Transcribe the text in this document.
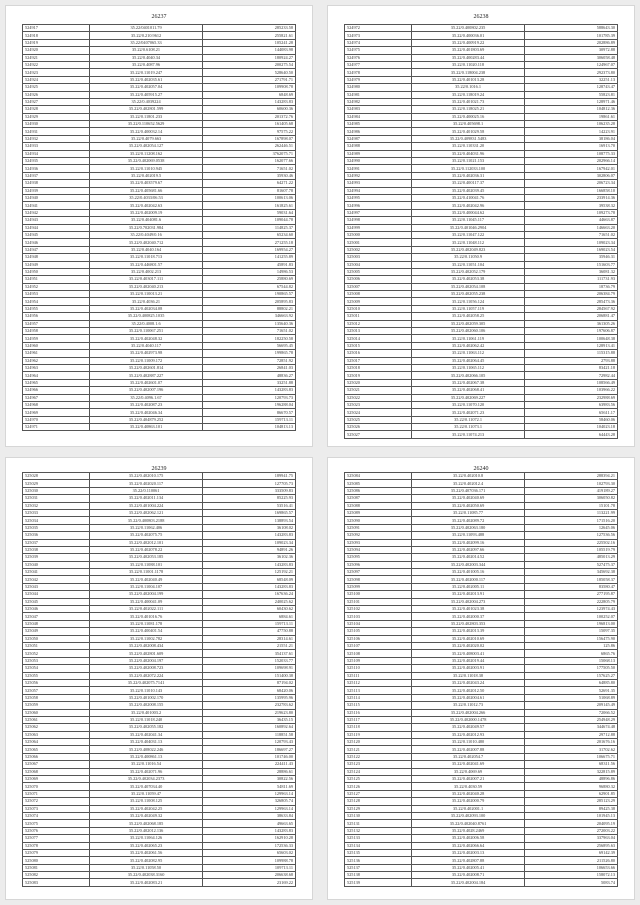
26237
524917	35.22/0401011.79	285233.58
524918	35.22/0.210.9612	255821.61
524919	35.22/0407065.33	105241.28
524920	35.22/0.6108.21	144083.98
524921	35.22/0.4040.34	180924.27
524922	35.22/0.4087.96	200275.54
524923	35.22/0.11019.247	528640.50
524924	35.22/0.402035.61	271791.71
524925	35.22/0.402057.04	109908.78
524926	35.22/0.405915.27	6848.69
524927	35.22/0.4039224	143283.83
524928	35.22/0.402801.599	60600.36
524929	35.22/0.11801.233	201372.76
524930	35.22/0.110652.5629	161405.68
524931	35.22/0.400032.14	97575.22
524932	35.22/0.4079.663	167898.07
524933	35.22/0.402054.127	262446.51
524934	35.22/0.11208.162	3762075.71
524935	35.22/0.402069.0538	162077.66
524936	35.22/0.11010.945	71651.02
524937	35.22/0.402019.5	35930.46
524938	35.22/0.403579.67	64271.22
524939	35.22/0.405681.66	81607.78
524940	35.22/0.4033/06.53	100613.06
524941	35.22/0.402042.63	161825.61
524942	35.22/0.402009.19	59031.64
524943	35.22/0.404081.6	109044.78
524944	35.22/0.702031.984	114825.37
524945	35.22/0.4049/0.16	65234.60
524946	35.22/0.402040.712	271255.18
524947	35.22/0.4040.164	169954.27
524948	35.22/0.11018.713	141255.89
524949	35.22/0.446801.57	45891.83
524950	35.22/0.4002.213	14986.53
524951	35.22/0.403017.111	25880.69
524952	35.22/0.402040.213	67544.82
524953	35.22/0.110013.21	190865.57
524954	35.22/0.4036.21	205895.83
524955	35.22/0.402034.08	88802.21
524956	35.22/0.400825.1035	346663.92
524957	35.22/0.4008.1.6	135640.36
524958	35.22/0.110067.251	71651.02
524959	35.22/0.402048.32	182250.58
524960	35.22/0.4040.117	56695.45
524961	35.22/0.402973.98	199865.78
524962	35.22/0.11009.172	72851.92
524963	35.22/0.402601.814	26841.03
524964	35.22/0.402887.227	48836.27
524965	35.22/0.402601.07	33251.88
524966	35.22/0.402007.196	143283.83
524967	35.22/0.4096.1.67	120793.73
524968	35.22/0.402087.23	196288.04
524969	35.22/0.402046.34	86670.57
524970	35.22/0.404879.252	159713.11
524971	35.22/0.40863.101	104813.13
26238
524972	35.22/0.400802.235	588643.30
524973	35.22/0.400036.01	101785.39
524974	35.22/0.400919.22	202886.89
524975	35.22/0.401803.69	30972.88
524976	35.22/0.400283.44	306058.48
524977	35.22/0.11020.118	124967.07
524978	35.22/0.118004.238	292373.80
524979	35.22/0.401013.28	32251.13
524980	35.22/0.1016.1	128743.47
524981	35.22/0.118019.24	55823.81
524982	35.22/0.401021.73	128971.46
524983	35.22/0.118025.21	104812.36
524984	35.22/0.400025.16	19861.61
524985	35.22/0.405698.1	106235.28
524986	35.22/0.401029.58	14223.91
524987	35.22/0.409831.5483	38186.04
524988	35.22/0.110331.20	16913.70
524989	35.22/0.404031.96	108775.33
524990	35.22/0.11021.153	202966.14
524991	35.22/0.112033.100	167942.01
524992	35.22/0.402036.31	302806.07
524993	35.22/0.400117.37	206723.34
524994	35.22/0.402039.45	166858.10
524995	35.22/0.410041.76	233914.36
524996	35.22/0.402042.96	39538.32
524997	35.22/0.400044.62	109273.78
524998	35.22/0.11045.117	44663.87
524999	35.22/0.401046.2904	146663.20
525000	35.22/0.11047.122	71651.02
525001	35.22/0.11048.112	109023.34
525002	35.22/0.402049.823	169023.54
525003	35.22/0.11050.9	35946.31
525004	35.22/0.11051.104	151603.77
525005	35.22/0.402052.179	36081.32
525006	35.22/0.402053.38	111731.93
525007	35.22/0.402054.108	18736.79
525008	35.22/0.402055.238	206384.79
525009	35.22/0.11056.124	285473.36
525010	35.22/0.11057.119	284567.92
525011	35.22/0.402058.25	206881.47
525012	35.22/0.402059.305	361305.26
525013	35.22/0.402060.106	197606.87
525014	35.22/0.11061.119	100648.38
525015	35.22/0.402062.42	128913.41
525016	35.22/0.11063.112	115315.88
525017	35.22/0.402064.45	2793.88
525018	35.22/0.11065.112	83421.18
525019	35.22/0.402066.105	72982.44
525020	35.22/0.402067.38	108566.49
525021	35.22/0.402068.41	103966.22
525022	35.22/0.402069.227	232988.69
525023	35.22/0.11070.120	63983.56
525024	35.22/0.402071.23	65611.17
525025	35.22/0.11072.1	58460.06
525026	35.22/0.11073.1	104023.18
525027	35.22/0.11074.213	64443.28
26239
525028	35.22/0.402010.175	189941.75
525029	35.22/0.402020.117	127705.73
525030	35.22/0.110061	333509.83
525031	35.22/0.402011.134	85225.93
525032	35.22/0.401004.224	53516.41
525033	35.22/0.402062.121	169865.57
525034	35.22/0.400803.2188	138893.54
525035	35.22/0.11062.406	36108.02
525036	35.22/0.402075.75	143283.83
525037	35.22/0.402012.101	109023.34
525038	35.22/0.402078.22	94891.26
525039	35.22/0.402053.185	36102.36
525040	35.22/0.11088.101	143283.83
525041	35.22/0.11001.1178	125192.21
525042	35.22/0.402040.49	68548.09
525043	35.22/0.11004.107	143283.83
525044	35.22/0.402004.199	167636.24
525045	35.22/0.400041.09	240025.62
525046	35.22/0.402022.111	60430.62
525047	35.22/0.401016.76	6884.61
525048	35.22/0.11081.178	159713.11
525049	35.22/0.400401.54	47750.88
525050	35.22/0.11002.782	28314.61
525051	35.22/0.402008.434	21551.21
525052	35.22/0.402801.609	354137.61
525053	35.22/0.402004.197	152033.77
525054	35.22/0.402008.723	109698.91
525055	35.22/0.402072.224	151400.38
525056	35.22/0.402075.7141	87194.02
525057	35.22/0.11010.143	68420.06
525058	35.22/0.401002.170	135995.96
525059	35.22/0.402008.155	232783.62
525060	35.22/0.401003.2	219623.80
525061	35.22/0.11018.240	36435.15
525062	35.22/0.402055.182	160892.64
525063	35.22/0.402041.34	118851.58
525064	35.22/0.404031.13	120793.43
525065	35.22/0.408022.246	186697.27
525066	35.22/0.400861.13	101746.00
525067	35.22/0.11016.54	224411.43
525068	35.22/0.402071.96	28886.61
525069	35.22/0.402034.2373	30822.56
525070	35.22/0.407034.40	54811.69
525071	35.22/0.11059.47	129963.14
525072	35.22/0.11008.125	326805.74
525073	35.22/0.402042.25	129963.14
525074	35.22/0.402049.32	38633.84
525075	35.22/0.402068.185	49663.65
525076	35.22/0.402012.136	143283.83
525077	35.22/0.11064.126	162910.28
525078	35.22/0.402065.23	172536.33
525079	35.22/0.402061.56	65603.02
525080	35.22/0.402082.95	109988.78
525081	35.22/0.11058.50	109713.11
525082	35.22/0.402038.3160	206638.68
525083	35.22/0.402083.21	23169.22
26240
525084	35.22/0.402010.8	288394.21
525085	35.22/0.402012.4	102793.30
525086	35.22/0.407036.171	419189.27
525087	35.22/0.402040.69	306050.82
525088	35.22/0.402050.69	15101.78
525089	35.22/0.11085.77	113221.99
525090	35.22/0.402089.72	171516.20
525091	35.22/0.402063.180	12645.06
525092	35.22/0.11093.488	127536.56
525093	35.22/0.402099.16	225502.16
525094	35.22/0.402097.66	105519.79
525095	35.22/0.402014.52	485013.29
525096	35.22/0.402003.344	527475.37
525097	35.22/0.401005.16	345692.38
525098	35.22/0.402000.117	185058.37
525099	35.22/0.402005.11	83580.47
525100	35.22/0.402013.91	277195.87
525101	35.22/0.402004.273	222805.79
525102	35.22/0.401023.38	123974.43
525103	35.22/0.402000.37	100252.07
525104	35.22/0.402803.353	196813.00
525105	35.22/0.402013.39	15097.35
525106	35.22/0.402010.69	156475.90
525107	35.22/0.402020.02	125.86
525108	35.22/0.408003.41	6865.76
525109	35.22/0.402019.44	15068.13
525110	35.22/0.402003.91	177505.50
525111	35.22/0.11018.38	157625.27
525112	35.22/0.402043.24	64885.80
525113	35.22/0.402012.50	52691.35
525114	35.22/0.402004.61	51068.89
525115	35.22/0.11012.73	209145.49
525116	35.22/0.402004.266	72066.52
525117	35.22/0.402000.1478	254948.29
525118	35.22/0.402049.57	344674.48
525119	35.22/0.402012.93	29712.88
525120	35.22/0.11010.480	201676.16
525121	35.22/0.402007.88	31702.62
525122	35.22/0.402054.7	106675.71
525123	35.22/0.402041.69	68311.56
525124	35.22/0.4069.69	322815.89
525125	35.22/0.402007.21	48896.86
525126	35.22/0.4030.59	96880.32
525127	35.22/0.402040.28	62901.85
525128	35.22/0.402000.79	285123.29
525129	35.22/0.402001.1	89425.38
525130	35.22/0.402093.100	101945.13
525131	35.22/0.402040.8761	204095.19
525132	35.22/0.4028.2469	272003.22
525133	35.22/0.402006.58	337963.04
525134	35.22/0.402066.64	256895.63
525135	35.22/0.402003.13	69142.39
525136	35.22/0.402807.88	211526.80
525137	35.22/0.402005.41	106653.66
525138	35.22/0.402008.71	158072.13
525139	35.22/0.402004.184	5083.74
